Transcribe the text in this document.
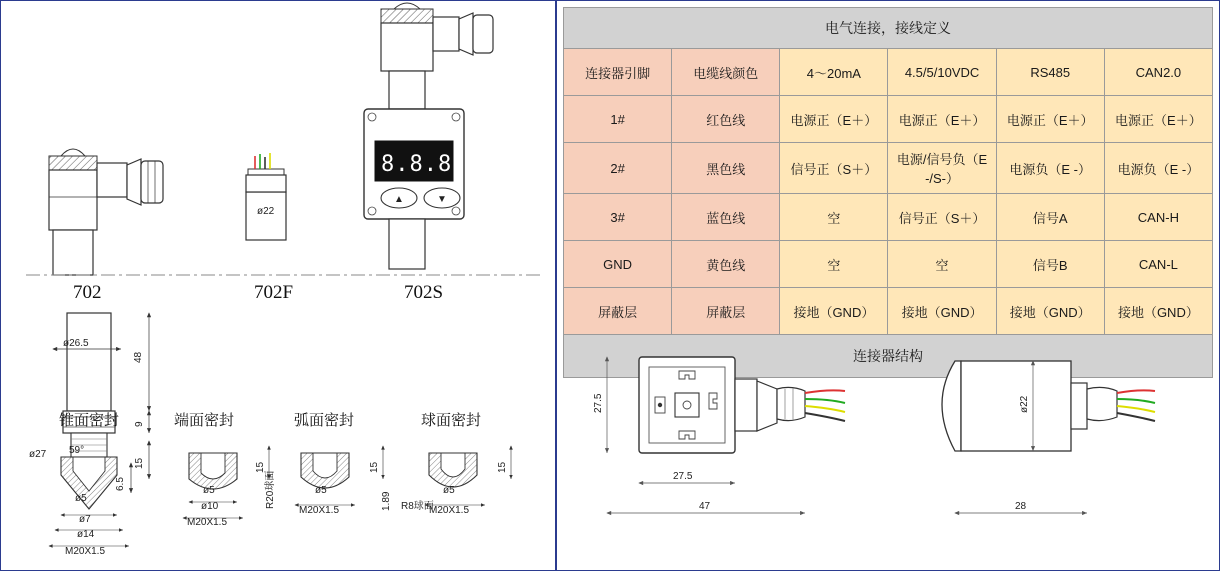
ø22
8.8.8.8
▲	▼
702	702F	702S
ø26.5
48
9
15
6.5
锥面密封
59°
ø27
ø5
ø7
ø14
M20X1.5
端面密封
15
ø5
ø10
M20X1.5
弧面密封
15
R20球面	ø5
M20X1.5
球面密封
15
1.89 R8球面
ø5
M20X1.5
电气连接，接线定义					
连接器引脚	电缆线颜色	4～20mA	4.5/5/10VDC	RS485	CAN2.0
1#	红色线	电源正（E＋）	电源正（E＋）	电源正（E＋）	电源正（E＋）
2#	黑色线	信号正（S＋）	电源/信号负（E -/S-）	电源负（E -）	电源负（E -）
3#	蓝色线	空	信号正（S＋）	信号A	CAN-H
GND	黄色线	空	空	信号B	CAN-L
屏蔽层	屏蔽层	接地（GND）	接地（GND）	接地（GND）	接地（GND）
连接器结构					
27.5
27.5
47
ø22
28
